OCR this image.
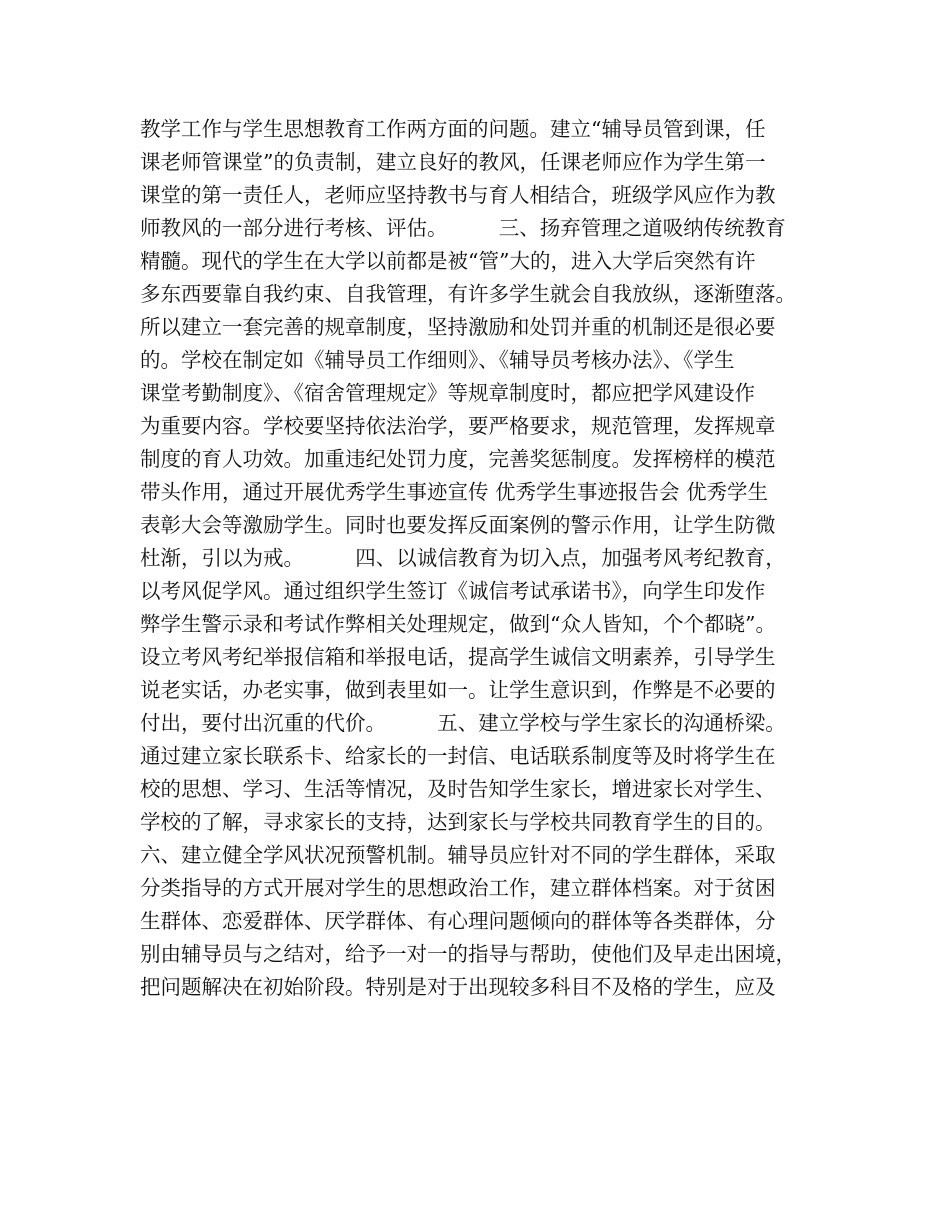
教学工作与学生思想教育工作两方面的问题。建立“辅导员管到课，任
课老师管课堂”的负责制，建立良好的教风，任课老师应作为学生第一
课堂的第一责任人，老师应坚持教书与育人相结合，班级学风应作为教
师教风的一部分进行考核、评估。　　　三、扬弃管理之道吸纳传统教育
精髓。现代的学生在大学以前都是被“管”大的，进入大学后突然有许
多东西要靠自我约束、自我管理，有许多学生就会自我放纵，逐渐堕落。
所以建立一套完善的规章制度，坚持激励和处罚并重的机制还是很必要
的。学校在制定如《辅导员工作细则》、《辅导员考核办法》、《学生
课堂考勤制度》、《宿舍管理规定》等规章制度时，都应把学风建设作
为重要内容。学校要坚持依法治学，要严格要求，规范管理，发挥规章
制度的育人功效。加重违纪处罚力度，完善奖惩制度。发挥榜样的模范
带头作用，通过开展优秀学生事迹宣传 优秀学生事迹报告会 优秀学生
表彰大会等激励学生。同时也要发挥反面案例的警示作用，让学生防微
杜渐，引以为戒。　　　四、以诚信教育为切入点，加强考风考纪教育，
以考风促学风。通过组织学生签订《诚信考试承诺书》，向学生印发作
弊学生警示录和考试作弊相关处理规定，做到“众人皆知，个个都晓”。
设立考风考纪举报信箱和举报电话，提高学生诚信文明素养，引导学生
说老实话，办老实事，做到表里如一。让学生意识到，作弊是不必要的
付出，要付出沉重的代价。　　　五、建立学校与学生家长的沟通桥梁。
通过建立家长联系卡、给家长的一封信、电话联系制度等及时将学生在
校的思想、学习、生活等情况，及时告知学生家长，增进家长对学生、
学校的了解，寻求家长的支持，达到家长与学校共同教育学生的目的。
六、建立健全学风状况预警机制。辅导员应针对不同的学生群体，采取
分类指导的方式开展对学生的思想政治工作，建立群体档案。对于贫困
生群体、恋爱群体、厌学群体、有心理问题倾向的群体等各类群体，分
别由辅导员与之结对，给予一对一的指导与帮助，使他们及早走出困境，
把问题解决在初始阶段。特别是对于出现较多科目不及格的学生，应及
